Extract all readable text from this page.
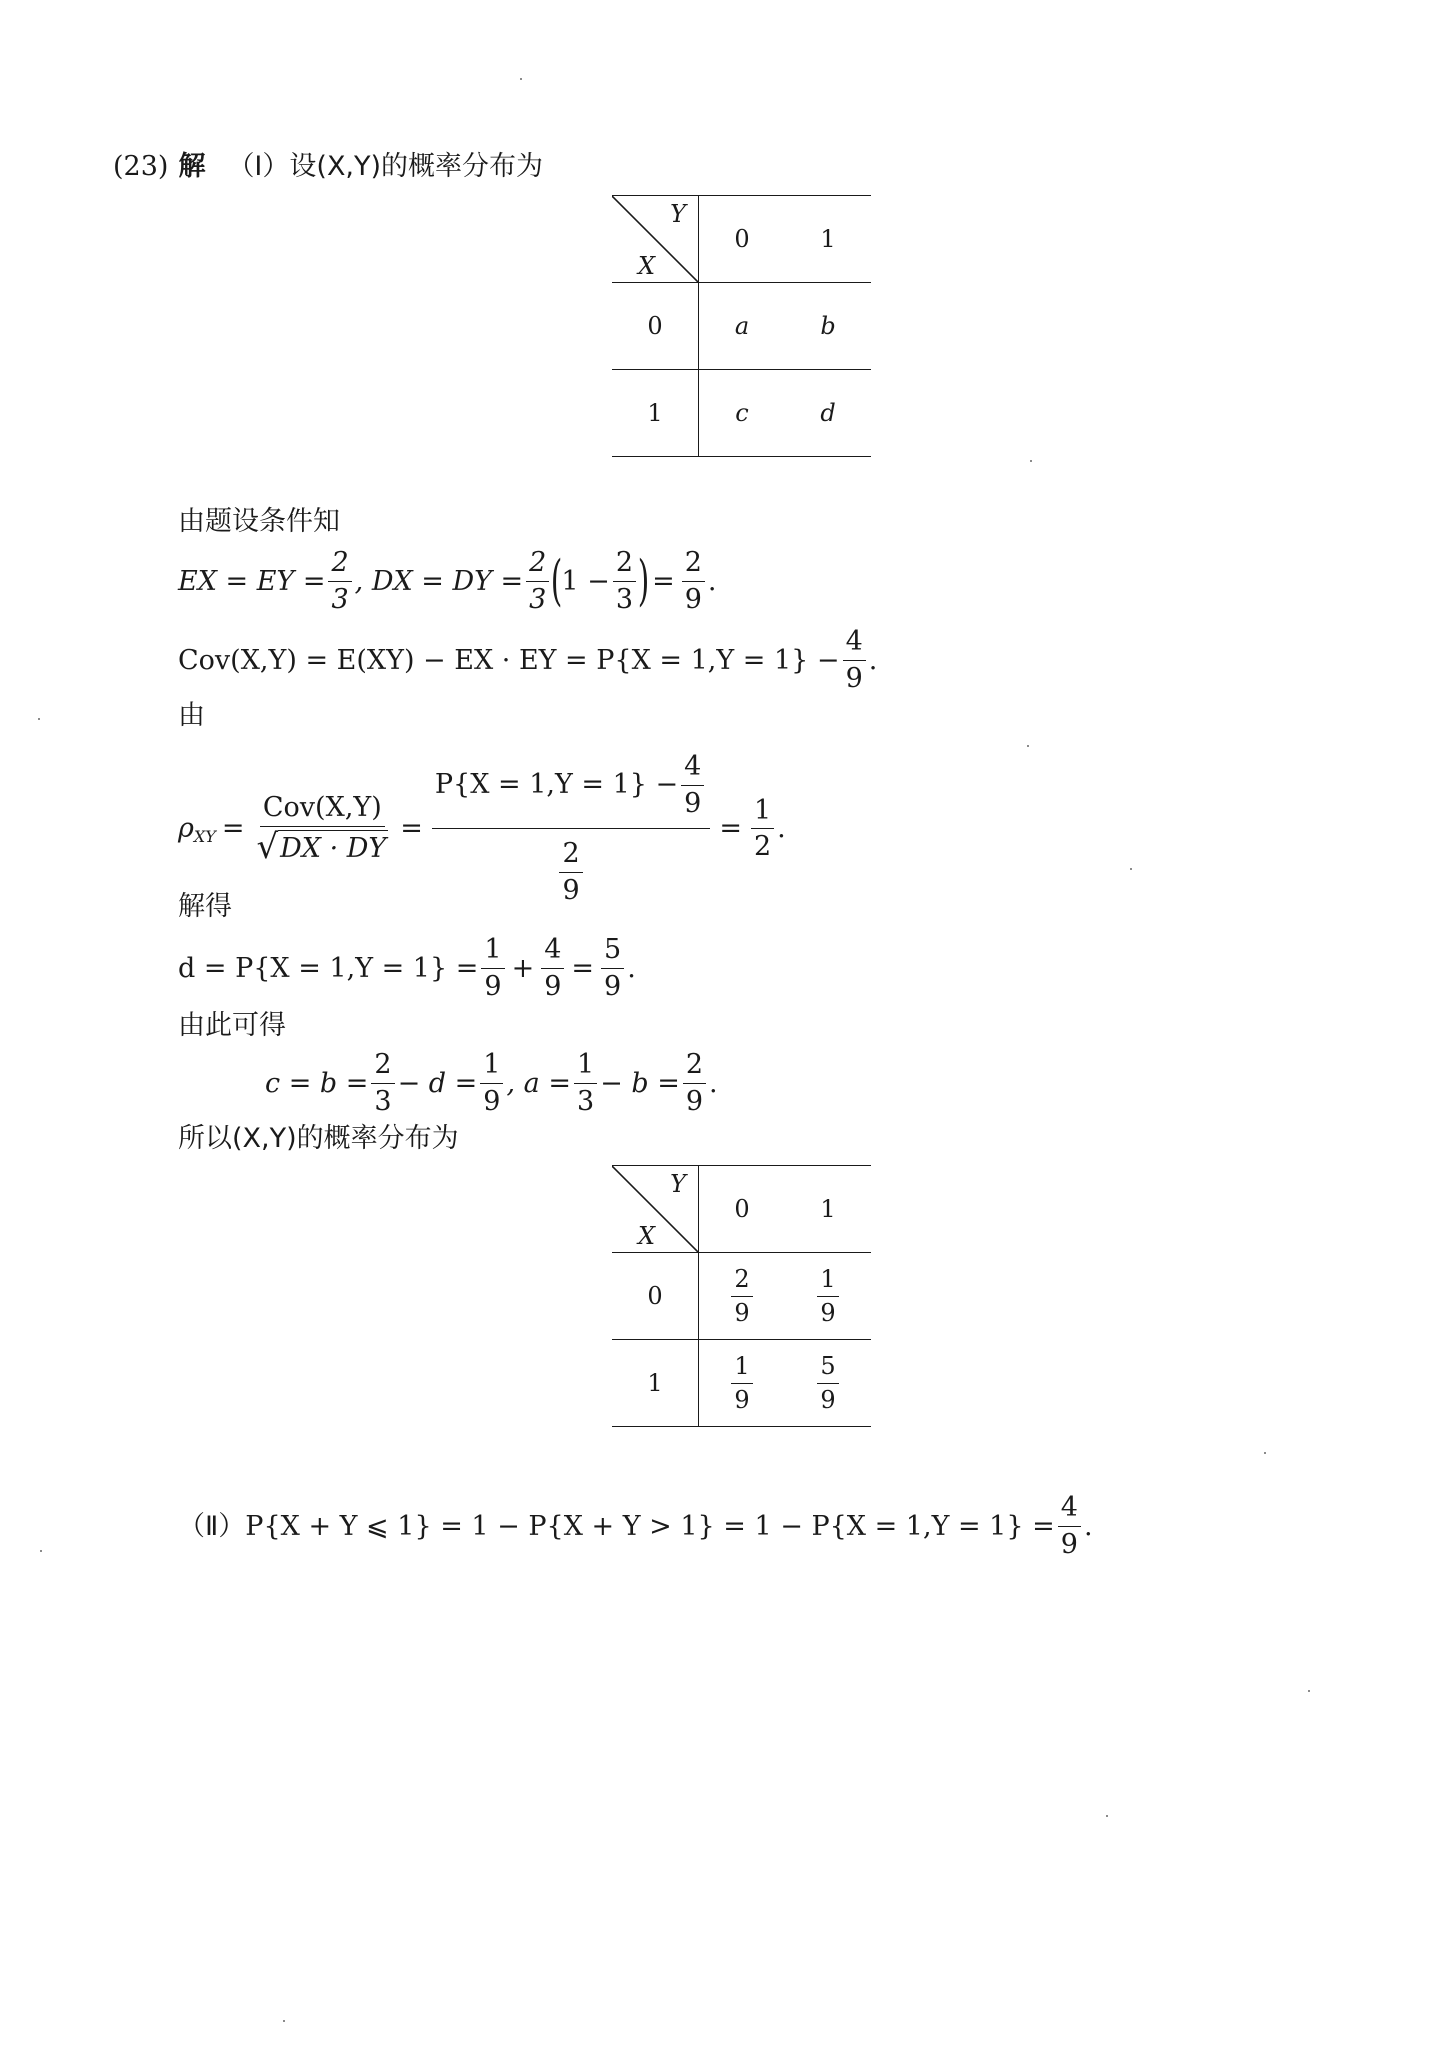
(23) 解 （Ⅰ） 设(X,Y)的概率分布为
Y
X	0	1
0	a	b
1	c	d
由题设条件知
EX = EY = $\frac{2}{3}$ , DX = DY = $\frac{2}{3}$ (
$1 - \frac{2}{3}$ ) = $\frac{2}{9}$ .
Cov(X,Y) = E(XY) − EX · EY = $P\{X = 1,Y = 1\} - \frac{4}{9}$ .
由
ρ XY = $\frac{\text{Cov(X,Y)}}{√ DX \cdot DY} = \frac{P\{X = 1,Y = 1\} - \frac{4}{9}}{\frac{2}{9}} = \frac{1}{2}$ .
解得
$d = P\{X = 1,Y = 1\} = \frac{1}{9} + \frac{4}{9} = \frac{5}{9}$ .
由此可得
$c = b = \frac{2}{3} - d = \frac{1}{9}$ , $a = \frac{1}{3} - b = \frac{2}{9}$ .
所以(X,Y)的概率分布为
Y
X	0	1
0	$\frac{2}{9}$	$\frac{1}{9}$

1	$\frac{1}{9}$	$\frac{5}{9}$
（Ⅱ） P{X + Y ⩽ $1\} = 1 - P\{X + Y > 1\} = 1 - P\{X = 1,Y = 1\} = \frac{4}{9}$ .
